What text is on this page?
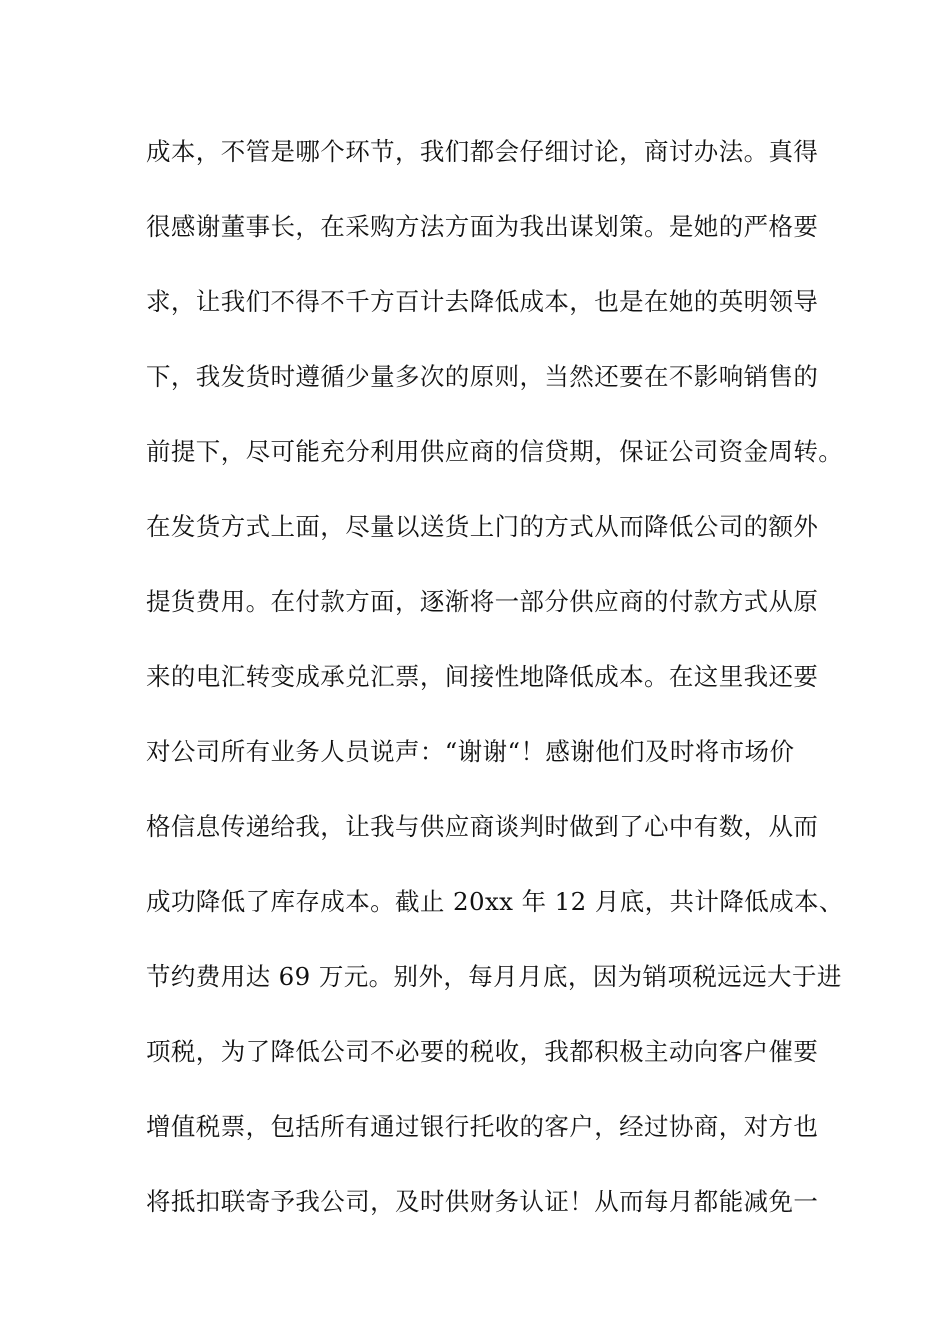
成本，不管是哪个环节，我们都会仔细讨论，商讨办法。真得
很感谢董事长，在采购方法方面为我出谋划策。是她的严格要
求，让我们不得不千方百计去降低成本，也是在她的英明领导
下，我发货时遵循少量多次的原则，当然还要在不影响销售的
前提下，尽可能充分利用供应商的信贷期，保证公司资金周转。
在发货方式上面，尽量以送货上门的方式从而降低公司的额外
提货费用。在付款方面，逐渐将一部分供应商的付款方式从原
来的电汇转变成承兑汇票，间接性地降低成本。在这里我还要
对公司所有业务人员说声：“谢谢“！感谢他们及时将市场价
格信息传递给我，让我与供应商谈判时做到了心中有数，从而
成功降低了库存成本。截止 20xx 年 12 月底，共计降低成本、
节约费用达 69 万元。别外，每月月底，因为销项税远远大于进
项税，为了降低公司不必要的税收，我都积极主动向客户催要
增值税票，包括所有通过银行托收的客户，经过协商，对方也
将抵扣联寄予我公司，及时供财务认证！从而每月都能减免一
